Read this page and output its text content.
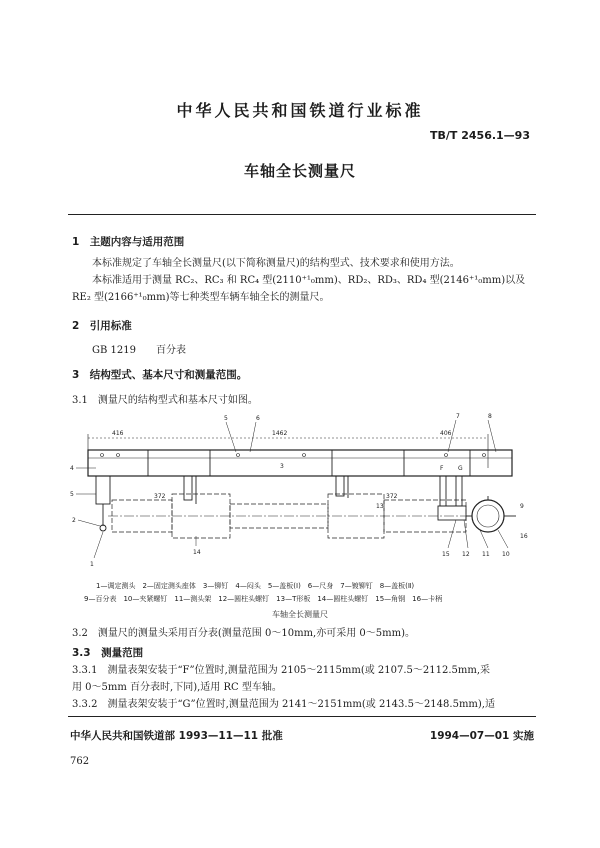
中华人民共和国铁道行业标准
TB/T 2456.1—93
车轴全长测量尺
1　主题内容与适用范围
本标准规定了车轴全长测量尺(以下简称测量尺)的结构型式、技术要求和使用方法。
本标准适用于测量 RC₂、RC₃ 和 RC₄ 型(2110⁺¹₀mm)、RD₂、RD₃、RD₄ 型(2146⁺¹₀mm)以及
RE₂ 型(2166⁺¹₀mm)等七种类型车辆车轴全长的测量尺。
2　引用标准
GB 1219 百分表
3　结构型式、基本尺寸和测量范围。
3.1　测量尺的结构型式和基本尺寸如图。
416	1462	406
372	372
F G
4
5
2
1
5	6	7	8
14	15 12 11 10
9
16
13
3
1—调定测头　2—固定测头座体　3—铆钉　4—闷头　5—盖板(Ⅰ)　6—尺身　7—镀铆钉　8—盖板(Ⅱ)
9—百分表　10—夹紧螺钉　11—测头架　12—圆柱头螺钉　13—T形板　14—圆柱头螺钉　15—角钢　16—卡柄
车轴全长测量尺
3.2　测量尺的测量头采用百分表(测量范围 0～10mm,亦可采用 0～5mm)。
3.3　测量范围
3.3.1　测量表架安装于“F”位置时,测量范围为 2105～2115mm(或 2107.5～2112.5mm,采
用 0～5mm 百分表时,下同),适用 RC 型车轴。
3.3.2　测量表架安装于“G”位置时,测量范围为 2141～2151mm(或 2143.5～2148.5mm),适
中华人民共和国铁道部 1993—11—11 批准	1994—07—01 实施
762
